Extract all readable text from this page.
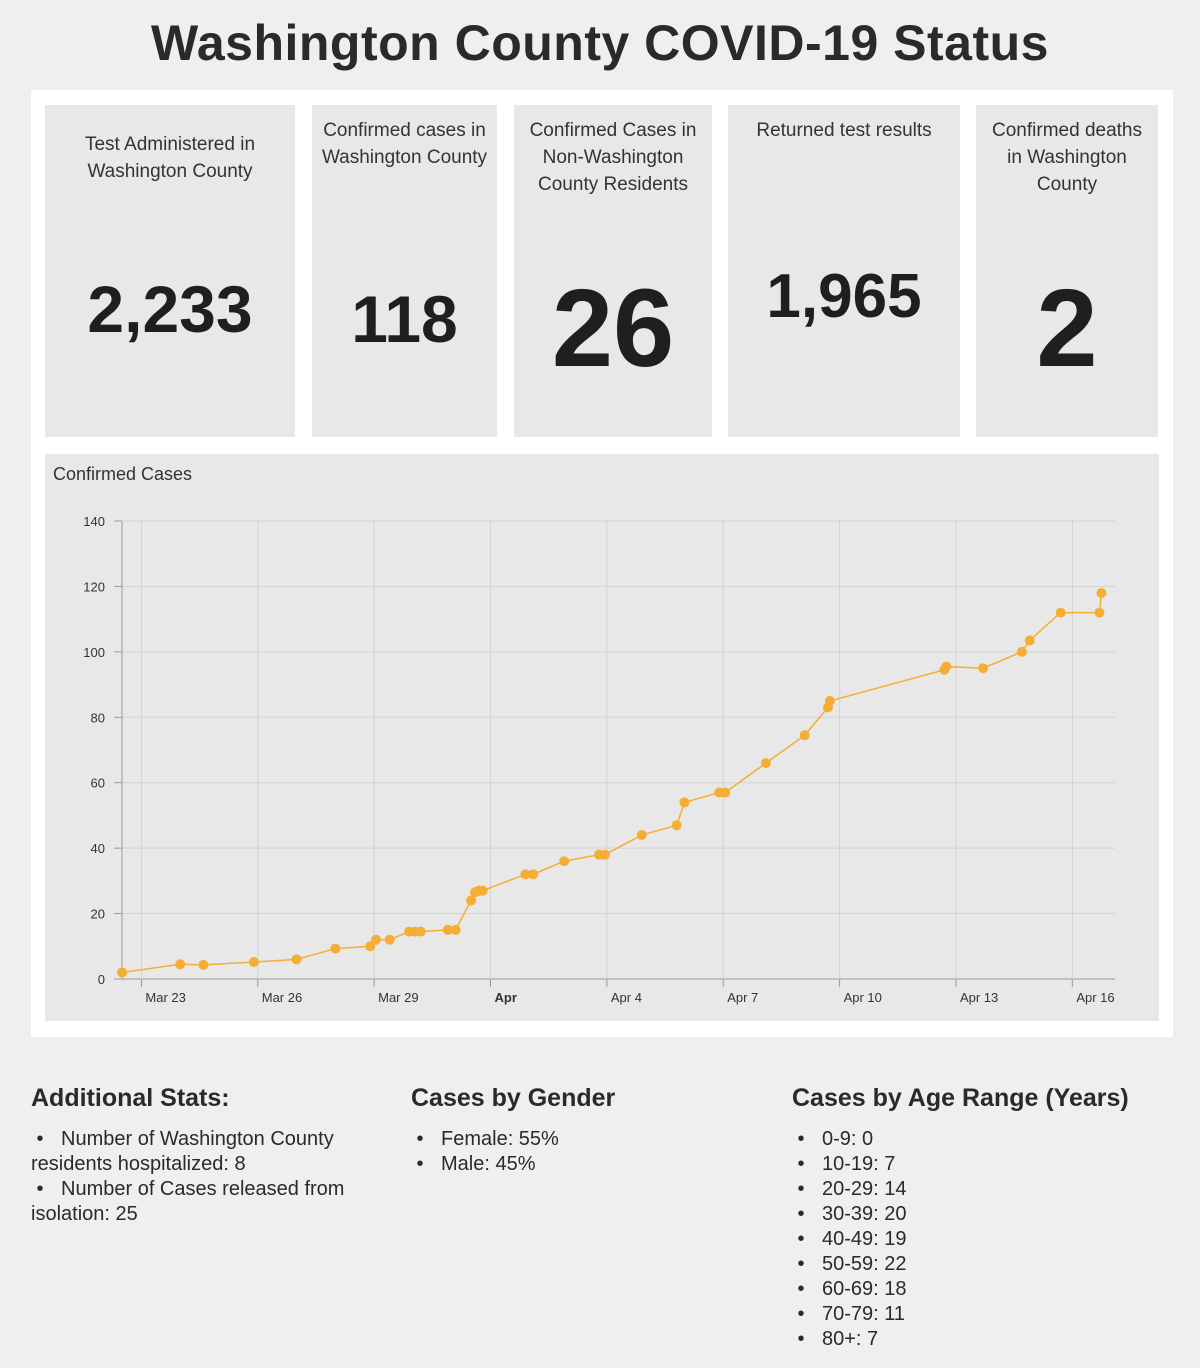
Washington County COVID-19 Status
Test Administered in Washington County
2,233
Confirmed cases in Washington County
118
Confirmed Cases in Non-Washington County Residents
26
Returned test results
1,965
Confirmed deaths in Washington County
2
0
20
40
60
80
100
120
140
Mar 23	Mar 26	Mar 29	Apr	Apr 4	Apr 7	Apr 10	Apr 13	Apr 16
Confirmed Cases
Additional Stats:
• Number of Washington County residents hospitalized: 8
• Number of Cases released from isolation: 25
Cases by Gender
• Female: 55%
• Male: 45%
Cases by Age Range (Years)
• 0-9: 0
• 10-19: 7
• 20-29: 14
• 30-39: 20
• 40-49: 19
• 50-59: 22
• 60-69: 18
• 70-79: 11
• 80+: 7
